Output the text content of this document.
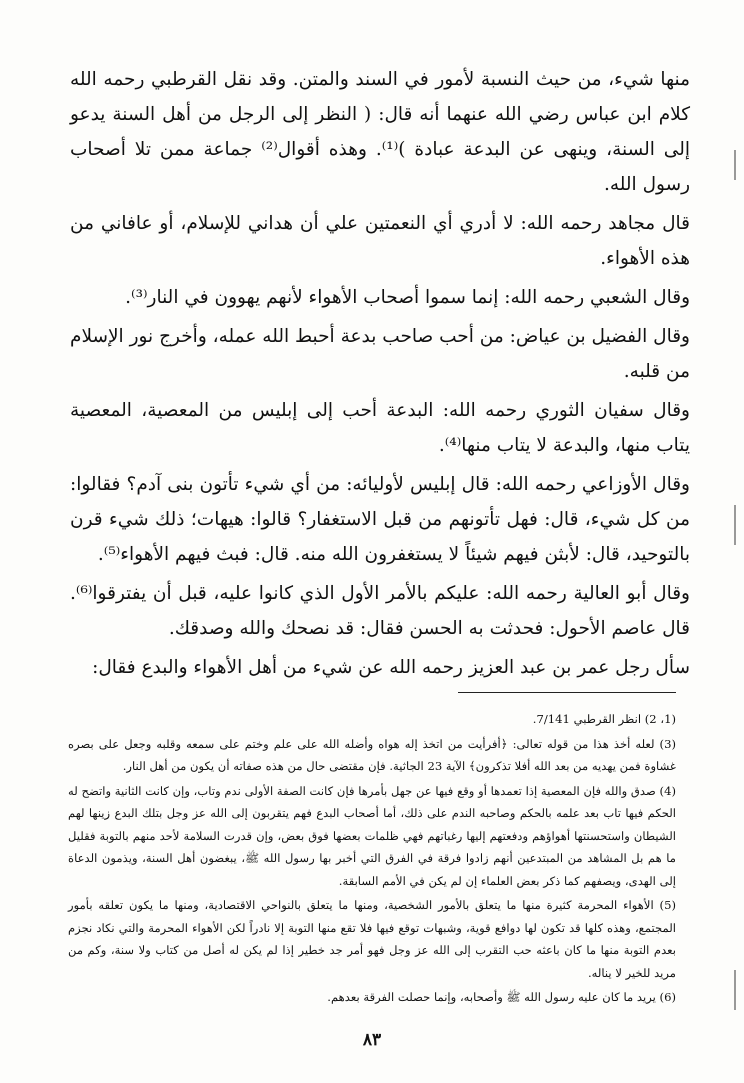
منها شيء، من حيث النسبة لأمور في السند والمتن. وقد نقل القرطبي رحمه الله كلام ابن عباس رضي الله عنهما أنه قال: ( النظر إلى الرجل من أهل السنة يدعو إلى السنة، وينهى عن البدعة عبادة )⁽¹⁾. وهذه أقوال⁽²⁾ جماعة ممن تلا أصحاب رسول الله.

قال مجاهد رحمه الله: لا أدري أي النعمتين علي أن هداني للإسلام، أو عافاني من هذه الأهواء.

وقال الشعبي رحمه الله: إنما سموا أصحاب الأهواء لأنهم يهوون في النار⁽³⁾.

وقال الفضيل بن عياض: من أحب صاحب بدعة أحبط الله عمله، وأخرج نور الإسلام من قلبه.

وقال سفيان الثوري رحمه الله: البدعة أحب إلى إبليس من المعصية، المعصية يتاب منها، والبدعة لا يتاب منها⁽⁴⁾.

وقال الأوزاعي رحمه الله: قال إبليس لأوليائه: من أي شيء تأتون بنى آدم؟ فقالوا: من كل شيء، قال: فهل تأتونهم من قبل الاستغفار؟ قالوا: هيهات؛ ذلك شيء قرن بالتوحيد، قال: لأبثن فيهم شيئاً لا يستغفرون الله منه. قال: فبث فيهم الأهواء⁽⁵⁾.

وقال أبو العالية رحمه الله: عليكم بالأمر الأول الذي كانوا عليه، قبل أن يفترقوا⁽⁶⁾. قال عاصم الأحول: فحدثت به الحسن فقال: قد نصحك والله وصدقك.

سأل رجل عمر بن عبد العزيز رحمه الله عن شيء من أهل الأهواء والبدع فقال:

(1، 2) انظر القرطبي 7/141.

(3) لعله أخذ هذا من قوله تعالى: ﴿أفرأيت من اتخذ إله هواه وأضله الله على علم وختم على سمعه وقلبه وجعل على بصره غشاوة فمن يهديه من بعد الله أفلا تذكرون﴾ الآية 23 الجاثية. فإن مقتضى حال من هذه صفاته أن يكون من أهل النار.

(4) صدق والله فإن المعصية إذا تعمدها أو وقع فيها عن جهل بأمرها فإن كانت الصفة الأولى ندم وتاب، وإن كانت الثانية واتضح له الحكم فيها تاب بعد علمه بالحكم وصاحبه الندم على ذلك، أما أصحاب البدع فهم يتقربون إلى الله عز وجل بتلك البدع زينها لهم الشيطان واستحسنتها أهواؤهم ودفعتهم إليها رغباتهم فهي ظلمات بعضها فوق بعض، وإن قدرت السلامة لأحد منهم بالتوبة فقليل ما هم بل المشاهد من المبتدعين أنهم زادوا فرقة في الفرق التي أخبر بها رسول الله ﷺ، يبغضون أهل السنة، ويذمون الدعاة إلى الهدى، ويصفهم كما ذكر بعض العلماء إن لم يكن في الأمم السابقة.

(5) الأهواء المحرمة كثيرة منها ما يتعلق بالأمور الشخصية، ومنها ما يتعلق بالنواحي الاقتصادية، ومنها ما يكون تعلقه بأمور المجتمع، وهذه كلها قد تكون لها دوافع قوية، وشبهات توقع فيها فلا تقع منها التوبة إلا نادراً لكن الأهواء المحرمة والتي نكاد نجزم بعدم التوبة منها ما كان باعثه حب التقرب إلى الله عز وجل فهو أمر جد خطير إذا لم يكن له أصل من كتاب ولا سنة، وكم من مريد للخير لا يناله.

(6) يريد ما كان عليه رسول الله ﷺ وأصحابه، وإنما حصلت الفرقة بعدهم.

٨٣
